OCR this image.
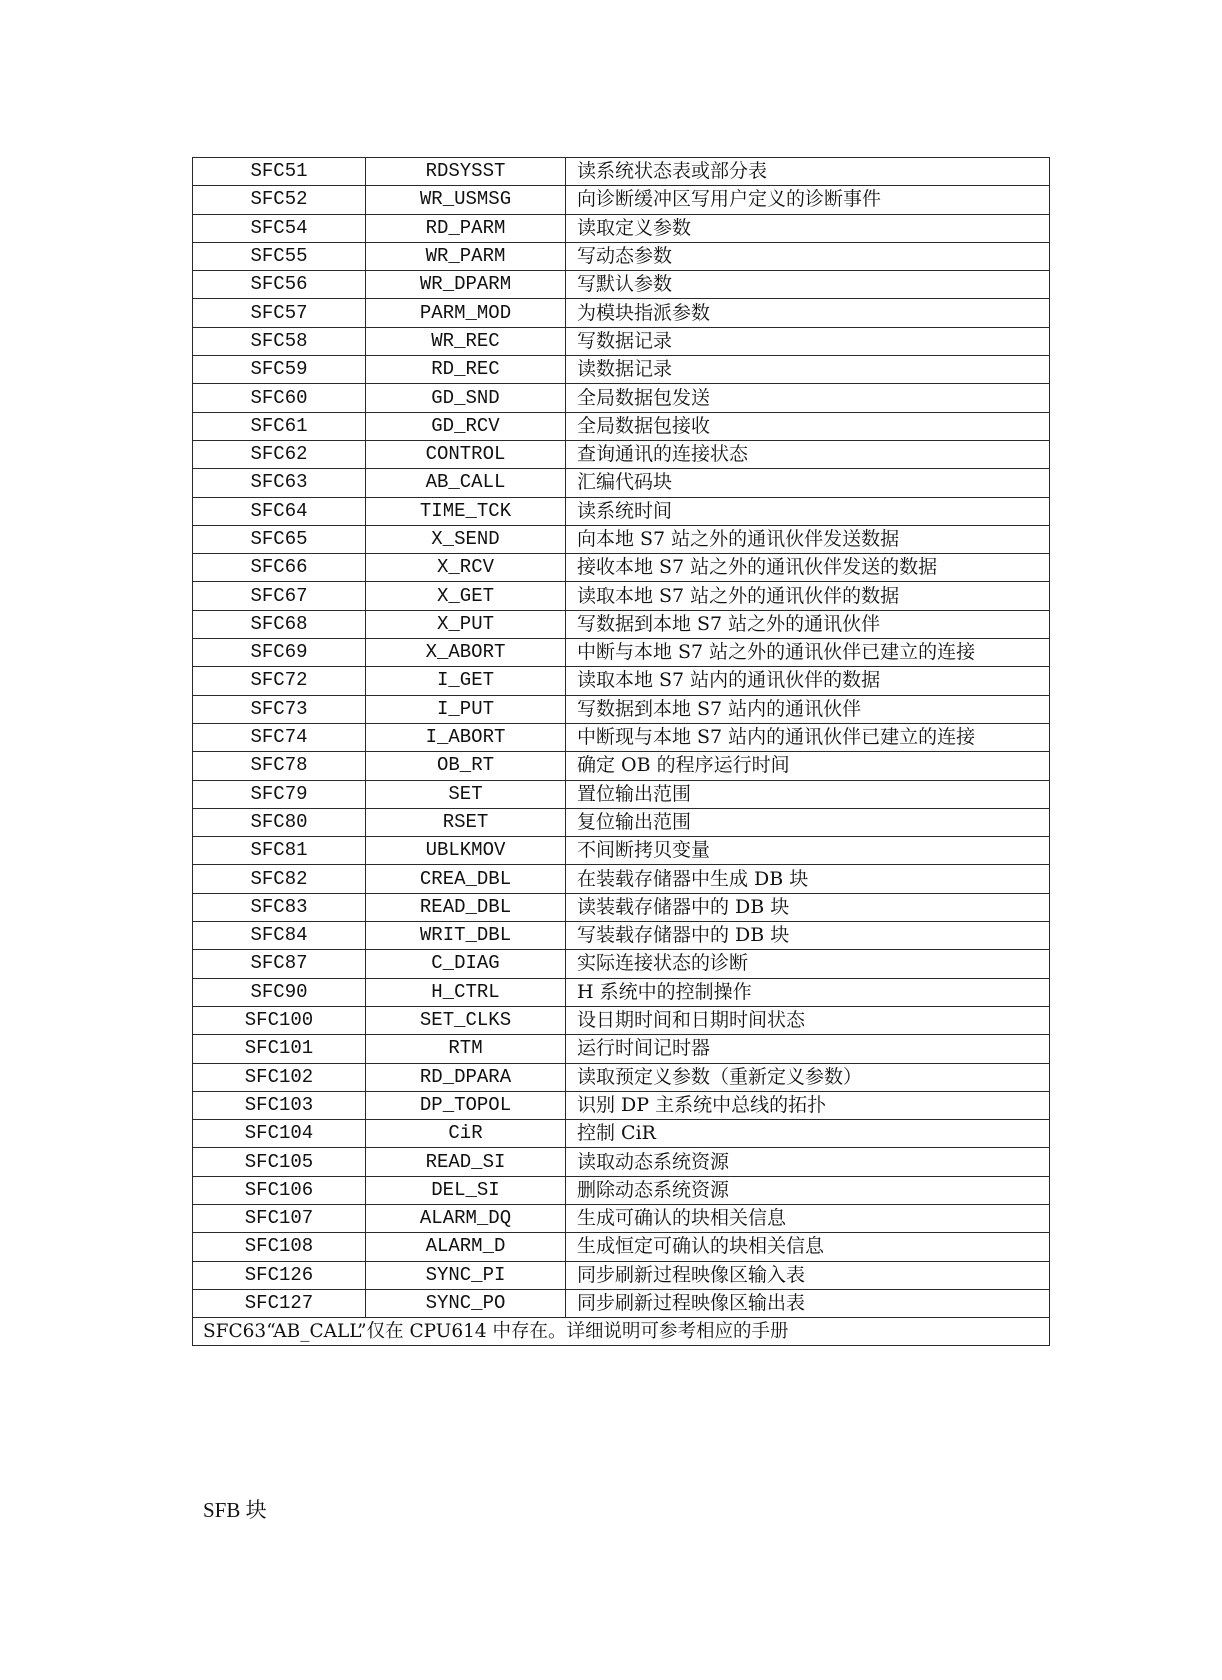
SFC51	RDSYSST	读系统状态表或部分表
SFC52	WR_USMSG	向诊断缓冲区写用户定义的诊断事件
SFC54	RD_PARM	读取定义参数
SFC55	WR_PARM	写动态参数
SFC56	WR_DPARM	写默认参数
SFC57	PARM_MOD	为模块指派参数
SFC58	WR_REC	写数据记录
SFC59	RD_REC	读数据记录
SFC60	GD_SND	全局数据包发送
SFC61	GD_RCV	全局数据包接收
SFC62	CONTROL	查询通讯的连接状态
SFC63	AB_CALL	汇编代码块
SFC64	TIME_TCK	读系统时间
SFC65	X_SEND	向本地 S7 站之外的通讯伙伴发送数据
SFC66	X_RCV	接收本地 S7 站之外的通讯伙伴发送的数据
SFC67	X_GET	读取本地 S7 站之外的通讯伙伴的数据
SFC68	X_PUT	写数据到本地 S7 站之外的通讯伙伴
SFC69	X_ABORT	中断与本地 S7 站之外的通讯伙伴已建立的连接
SFC72	I_GET	读取本地 S7 站内的通讯伙伴的数据
SFC73	I_PUT	写数据到本地 S7 站内的通讯伙伴
SFC74	I_ABORT	中断现与本地 S7 站内的通讯伙伴已建立的连接
SFC78	OB_RT	确定 OB 的程序运行时间
SFC79	SET	置位输出范围
SFC80	RSET	复位输出范围
SFC81	UBLKMOV	不间断拷贝变量
SFC82	CREA_DBL	在装载存储器中生成 DB 块
SFC83	READ_DBL	读装载存储器中的 DB 块
SFC84	WRIT_DBL	写装载存储器中的 DB 块
SFC87	C_DIAG	实际连接状态的诊断
SFC90	H_CTRL	H 系统中的控制操作
SFC100	SET_CLKS	设日期时间和日期时间状态
SFC101	RTM	运行时间记时器
SFC102	RD_DPARA	读取预定义参数（重新定义参数）
SFC103	DP_TOPOL	识别 DP 主系统中总线的拓扑
SFC104	CiR	控制 CiR
SFC105	READ_SI	读取动态系统资源
SFC106	DEL_SI	删除动态系统资源
SFC107	ALARM_DQ	生成可确认的块相关信息
SFC108	ALARM_D	生成恒定可确认的块相关信息
SFC126	SYNC_PI	同步刷新过程映像区输入表
SFC127	SYNC_PO	同步刷新过程映像区输出表
SFC63“AB_CALL”仅在 CPU614 中存在。详细说明可参考相应的手册		
SFB 块
